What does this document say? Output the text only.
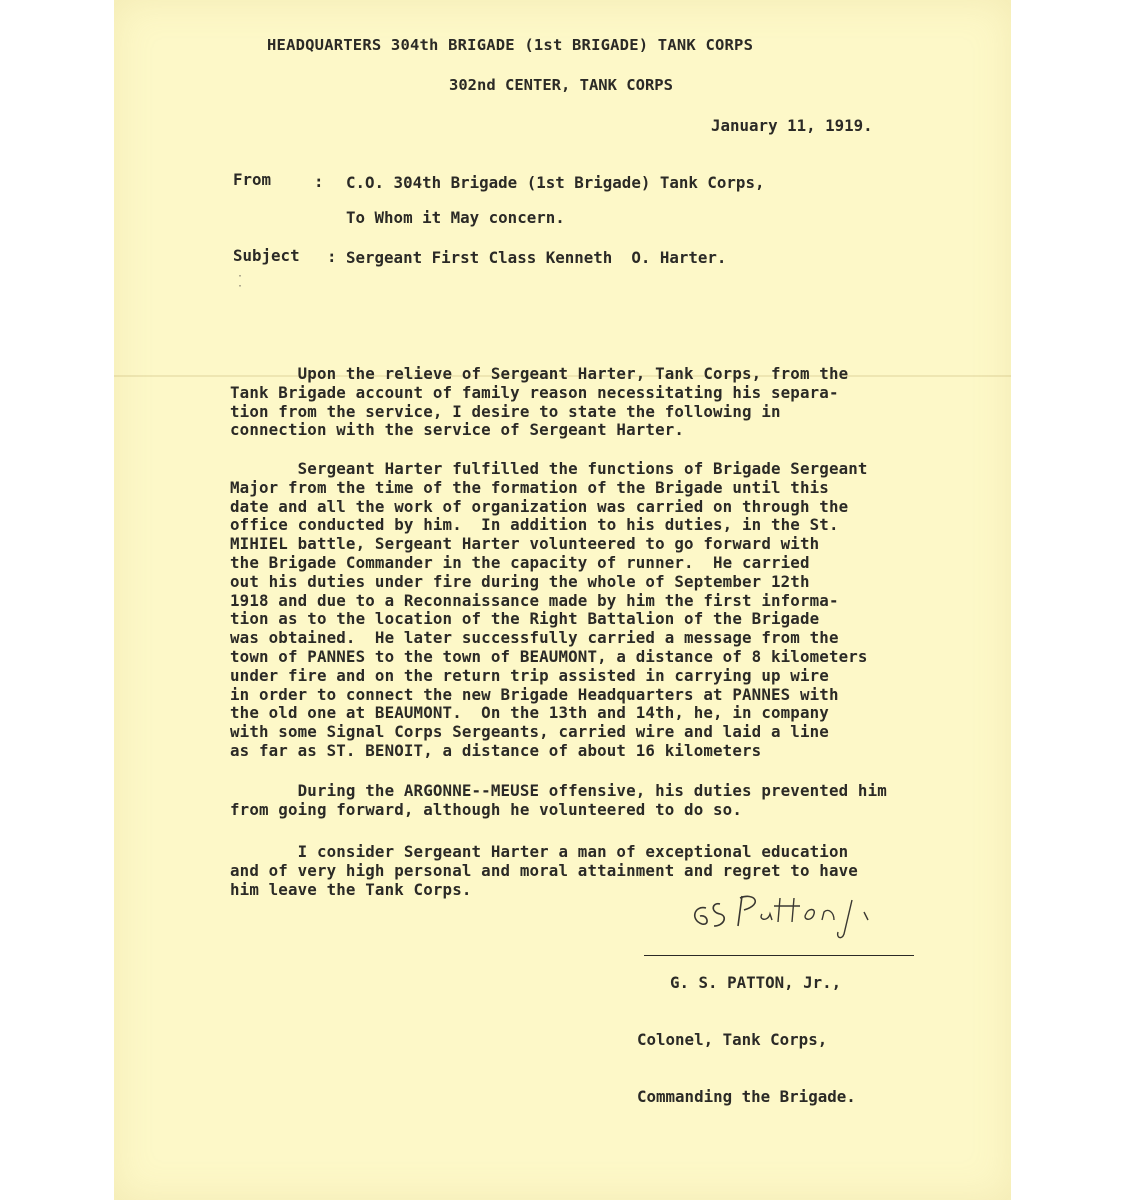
HEADQUARTERS 304th BRIGADE (1st BRIGADE) TANK CORPS
302nd CENTER, TANK CORPS
January 11, 1919.
From	: C.O. 304th Brigade (1st Brigade) Tank Corps,
To Whom it May concern.
Subject : Sergeant First Class Kenneth  O. Harter.
·
·
Upon the relieve of Sergeant Harter, Tank Corps, from the
Tank Brigade account of family reason necessitating his separa-
tion from the service, I desire to state the following in
connection with the service of Sergeant Harter.
Sergeant Harter fulfilled the functions of Brigade Sergeant
Major from the time of the formation of the Brigade until this
date and all the work of organization was carried on through the
office conducted by him.  In addition to his duties, in the St.
MIHIEL battle, Sergeant Harter volunteered to go forward with
the Brigade Commander in the capacity of runner.  He carried
out his duties under fire during the whole of September 12th
1918 and due to a Reconnaissance made by him the first informa-
tion as to the location of the Right Battalion of the Brigade
was obtained.  He later successfully carried a message from the
town of PANNES to the town of BEAUMONT, a distance of 8 kilometers
under fire and on the return trip assisted in carrying up wire
in order to connect the new Brigade Headquarters at PANNES with
the old one at BEAUMONT.  On the 13th and 14th, he, in company
with some Signal Corps Sergeants, carried wire and laid a line
as far as ST. BENOIT, a distance of about 16 kilometers
During the ARGONNE--MEUSE offensive, his duties prevented him
from going forward, although he volunteered to do so.
I consider Sergeant Harter a man of exceptional education
and of very high personal and moral attainment and regret to have
him leave the Tank Corps.

G. S. PATTON, Jr.,

Colonel, Tank Corps,

Commanding the Brigade.
